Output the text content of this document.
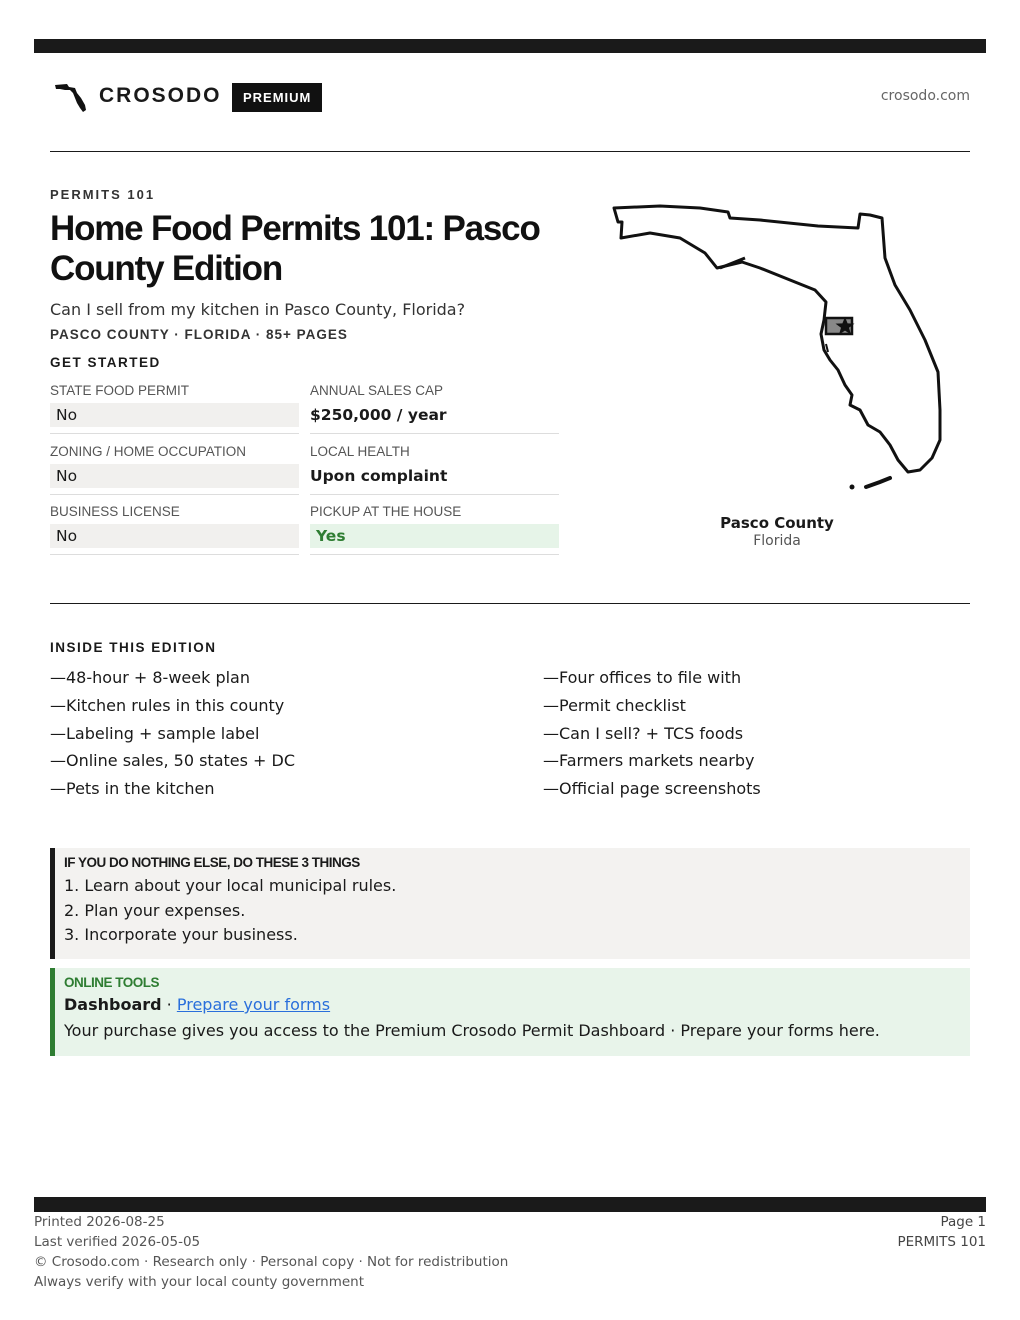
CROSODO	PREMIUM	crosodo.com
PERMITS 101
Home Food Permits 101: Pasco County Edition
Can I sell from my kitchen in Pasco County, Florida?
PASCO COUNTY · FLORIDA · 85+ PAGES
GET STARTED
STATE FOOD PERMIT
No
ANNUAL SALES CAP
$250,000 / year
ZONING / HOME OCCUPATION
No
LOCAL HEALTH
Upon complaint
BUSINESS LICENSE
No
PICKUP AT THE HOUSE
Yes
Pasco County
Florida
INSIDE THIS EDITION
—48-hour + 8-week plan
—Kitchen rules in this county
—Labeling + sample label
—Online sales, 50 states + DC
—Pets in the kitchen
—Four offices to file with
—Permit checklist
—Can I sell? + TCS foods
—Farmers markets nearby
—Official page screenshots
IF YOU DO NOTHING ELSE, DO THESE 3 THINGS
1. Learn about your local municipal rules.
2. Plan your expenses.
3. Incorporate your business.
ONLINE TOOLS
Dashboard · Prepare your forms
Your purchase gives you access to the Premium Crosodo Permit Dashboard · Prepare your forms here.
Printed 2026-08-25
Last verified 2026-05-05
© Crosodo.com · Research only · Personal copy · Not for redistribution
Always verify with your local county government
Page 1
PERMITS 101
